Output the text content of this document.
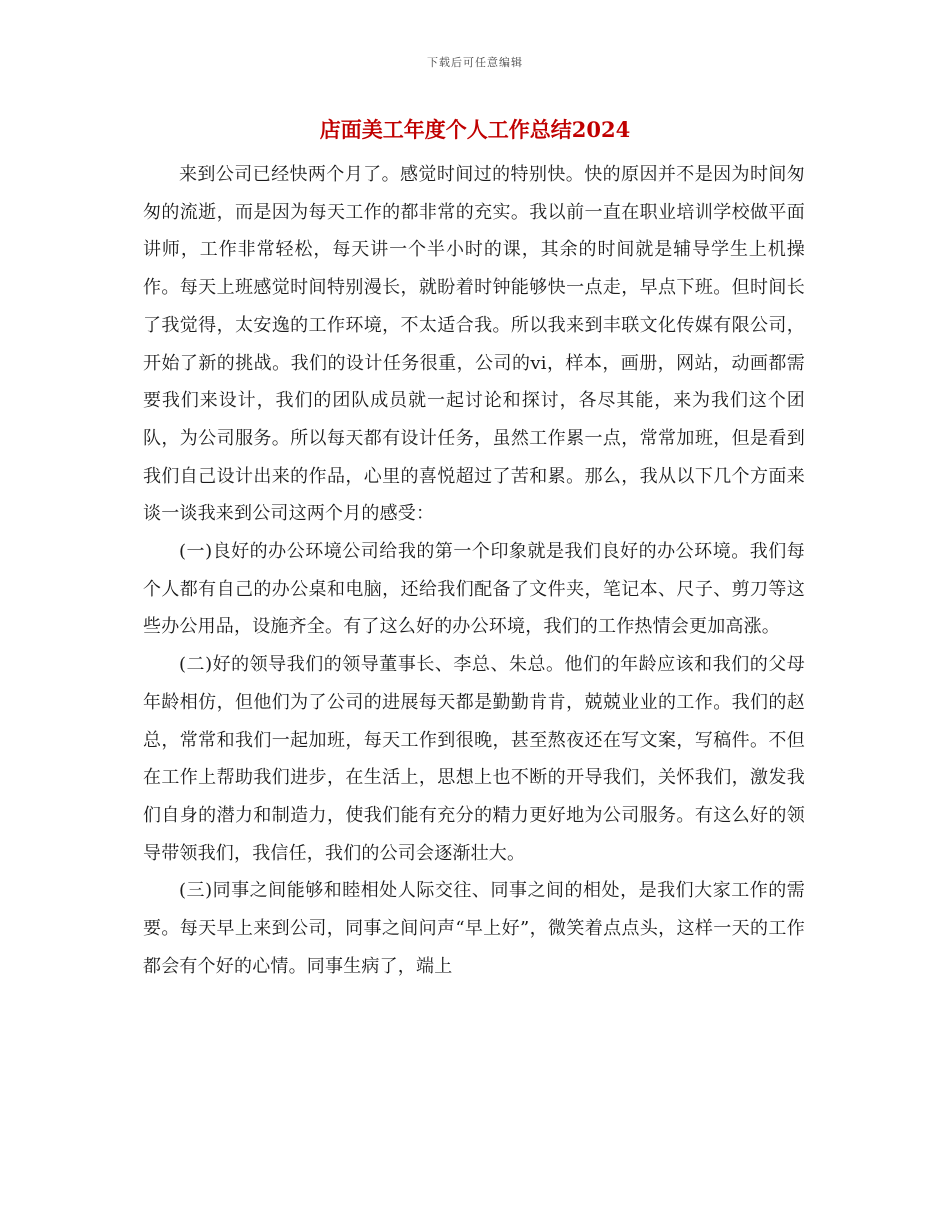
下载后可任意编辑
店面美工年度个人工作总结2024

来到公司已经快两个月了。感觉时间过的特别快。快的原因并不是因为时间匆匆的流逝，而是因为每天工作的都非常的充实。我以前一直在职业培训学校做平面讲师，工作非常轻松，每天讲一个半小时的课，其余的时间就是辅导学生上机操作。每天上班感觉时间特别漫长，就盼着时钟能够快一点走，早点下班。但时间长了我觉得，太安逸的工作环境，不太适合我。所以我来到丰联文化传媒有限公司，开始了新的挑战。我们的设计任务很重，公司的vi，样本，画册，网站，动画都需要我们来设计，我们的团队成员就一起讨论和探讨，各尽其能，来为我们这个团队，为公司服务。所以每天都有设计任务，虽然工作累一点，常常加班，但是看到我们自己设计出来的作品，心里的喜悦超过了苦和累。那么，我从以下几个方面来谈一谈我来到公司这两个月的感受：

(一)良好的办公环境公司给我的第一个印象就是我们良好的办公环境。我们每个人都有自己的办公桌和电脑，还给我们配备了文件夹，笔记本、尺子、剪刀等这些办公用品，设施齐全。有了这么好的办公环境，我们的工作热情会更加高涨。

(二)好的领导我们的领导董事长、李总、朱总。他们的年龄应该和我们的父母年龄相仿，但他们为了公司的进展每天都是勤勤肯肯，兢兢业业的工作。我们的赵总，常常和我们一起加班，每天工作到很晚，甚至熬夜还在写文案，写稿件。不但在工作上帮助我们进步，在生活上，思想上也不断的开导我们，关怀我们，激发我们自身的潜力和制造力，使我们能有充分的精力更好地为公司服务。有这么好的领导带领我们，我信任，我们的公司会逐渐壮大。

(三)同事之间能够和睦相处人际交往、同事之间的相处，是我们大家工作的需要。每天早上来到公司，同事之间问声“早上好”，微笑着点点头，这样一天的工作都会有个好的心情。同事生病了，端上
